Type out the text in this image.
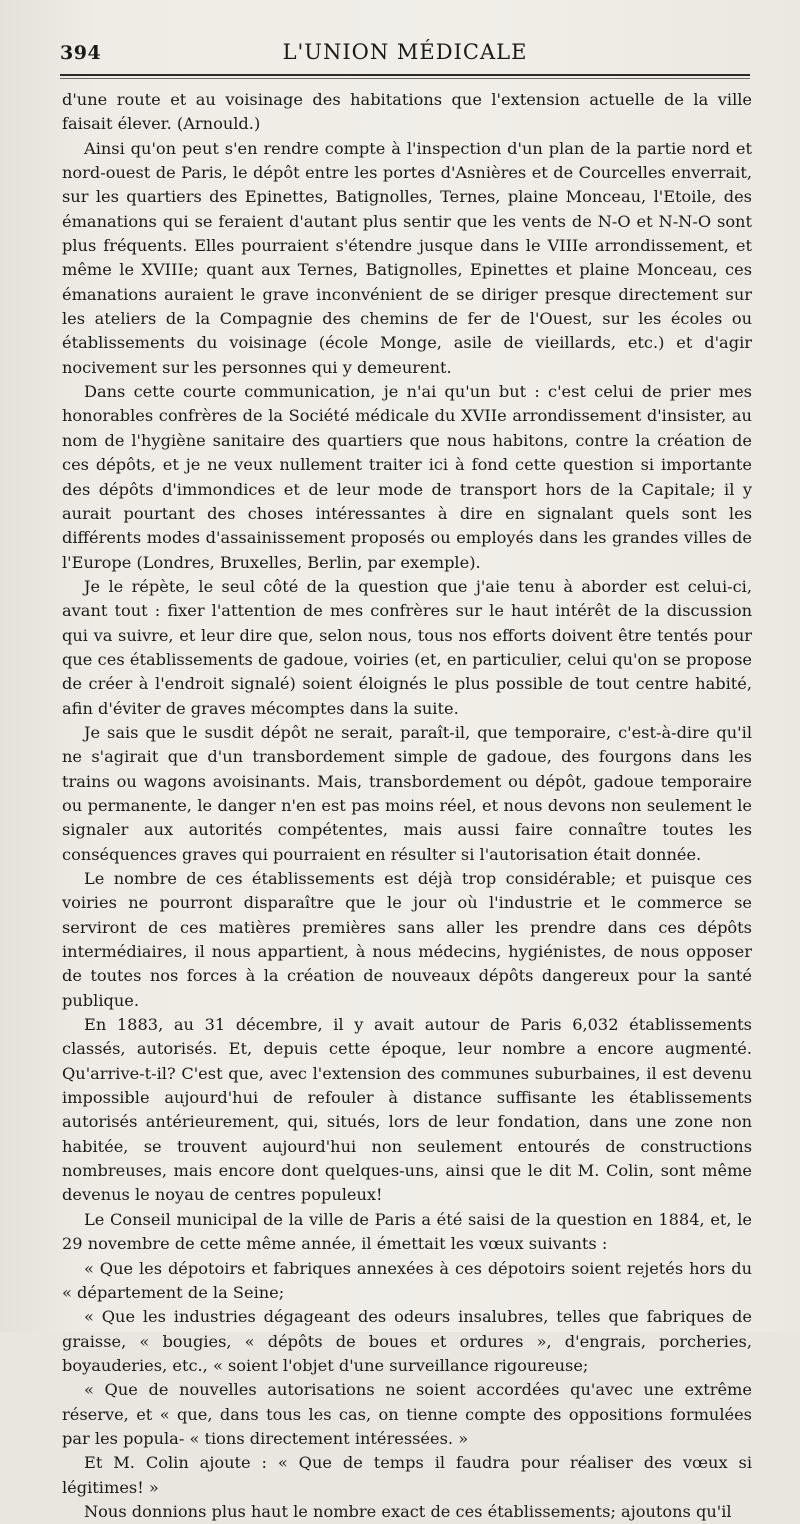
394	L'UNION MÉDICALE

d'une route et au voisinage des habitations que l'extension actuelle de la ville faisait élever. (Arnould.)

Ainsi qu'on peut s'en rendre compte à l'inspection d'un plan de la partie nord et nord-ouest de Paris, le dépôt entre les portes d'Asnières et de Courcelles enverrait, sur les quartiers des Epinettes, Batignolles, Ternes, plaine Monceau, l'Etoile, des émanations qui se feraient d'autant plus sentir que les vents de N-O et N-N-O sont plus fréquents. Elles pourraient s'étendre jusque dans le VIIIe arrondissement, et même le XVIIIe; quant aux Ternes, Batignolles, Epinettes et plaine Monceau, ces émanations auraient le grave inconvénient de se diriger presque directement sur les ateliers de la Compagnie des chemins de fer de l'Ouest, sur les écoles ou établissements du voisinage (école Monge, asile de vieillards, etc.) et d'agir nocivement sur les personnes qui y demeurent.

Dans cette courte communication, je n'ai qu'un but : c'est celui de prier mes honorables confrères de la Société médicale du XVIIe arrondissement d'insister, au nom de l'hygiène sanitaire des quartiers que nous habitons, contre la création de ces dépôts, et je ne veux nullement traiter ici à fond cette question si importante des dépôts d'immondices et de leur mode de transport hors de la Capitale; il y aurait pourtant des choses intéressantes à dire en signalant quels sont les différents modes d'assainissement proposés ou employés dans les grandes villes de l'Europe (Londres, Bruxelles, Berlin, par exemple).

Je le répète, le seul côté de la question que j'aie tenu à aborder est celui-ci, avant tout : fixer l'attention de mes confrères sur le haut intérêt de la discussion qui va suivre, et leur dire que, selon nous, tous nos efforts doivent être tentés pour que ces établissements de gadoue, voiries (et, en particulier, celui qu'on se propose de créer à l'endroit signalé) soient éloignés le plus possible de tout centre habité, afin d'éviter de graves mécomptes dans la suite.

Je sais que le susdit dépôt ne serait, paraît-il, que temporaire, c'est-à-dire qu'il ne s'agirait que d'un transbordement simple de gadoue, des fourgons dans les trains ou wagons avoisinants. Mais, transbordement ou dépôt, gadoue temporaire ou permanente, le danger n'en est pas moins réel, et nous devons non seulement le signaler aux autorités compétentes, mais aussi faire connaître toutes les conséquences graves qui pourraient en résulter si l'autorisation était donnée.

Le nombre de ces établissements est déjà trop considérable; et puisque ces voiries ne pourront disparaître que le jour où l'industrie et le commerce se serviront de ces matières premières sans aller les prendre dans ces dépôts intermédiaires, il nous appartient, à nous médecins, hygiénistes, de nous opposer de toutes nos forces à la création de nouveaux dépôts dangereux pour la santé publique.

En 1883, au 31 décembre, il y avait autour de Paris 6,032 établissements classés, autorisés. Et, depuis cette époque, leur nombre a encore augmenté. Qu'arrive-t-il? C'est que, avec l'extension des communes suburbaines, il est devenu impossible aujourd'hui de refouler à distance suffisante les établissements autorisés antérieurement, qui, situés, lors de leur fondation, dans une zone non habitée, se trouvent aujourd'hui non seulement entourés de constructions nombreuses, mais encore dont quelques-uns, ainsi que le dit M. Colin, sont même devenus le noyau de centres populeux!

Le Conseil municipal de la ville de Paris a été saisi de la question en 1884, et, le 29 novembre de cette même année, il émettait les vœux suivants :

« Que les dépotoirs et fabriques annexées à ces dépotoirs soient rejetés hors du « département de la Seine;

« Que les industries dégageant des odeurs insalubres, telles que fabriques de graisse, « bougies, « dépôts de boues et ordures », d'engrais, porcheries, boyauderies, etc., « soient l'objet d'une surveillance rigoureuse;

« Que de nouvelles autorisations ne soient accordées qu'avec une extrême réserve, et « que, dans tous les cas, on tienne compte des oppositions formulées par les popula- « tions directement intéressées. »

Et M. Colin ajoute : « Que de temps il faudra pour réaliser des vœux si légitimes! »

Nous donnions plus haut le nombre exact de ces établissements; ajoutons qu'il
